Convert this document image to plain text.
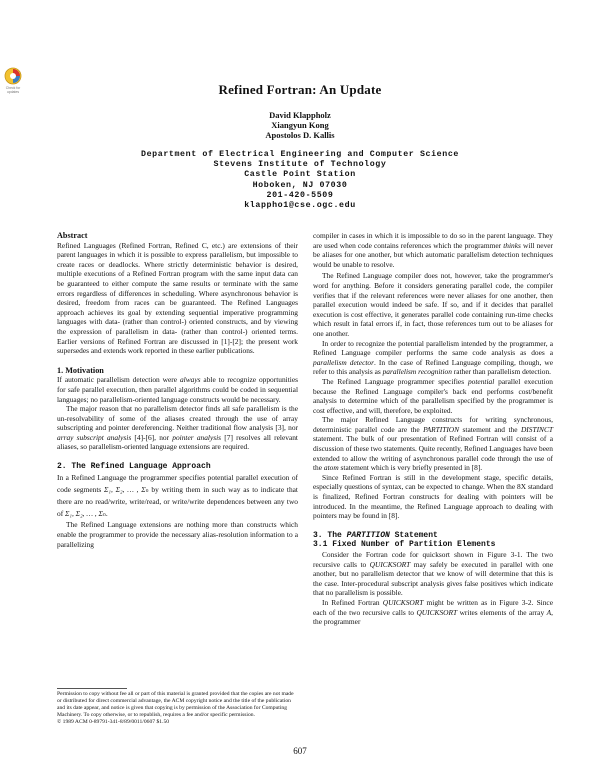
Check for updates	Refined Fortran: An Update
David Klappholz
Xiangyun Kong
Apostolos D. Kallis
Department of Electrical Engineering and Computer Science
Stevens Institute of Technology
Castle Point Station
Hoboken, NJ 07030
201-420-5509
klappho1@cse.ogc.edu
Abstract

Refined Languages (Refined Fortran, Refined C, etc.) are extensions of their parent languages in which it is possible to express parallelism, but impossible to create races or deadlocks. Where strictly deterministic behavior is desired, multiple executions of a Refined Fortran program with the same input data can be guaranteed to either compute the same results or terminate with the same errors regardless of differences in scheduling. Where asynchronous behavior is desired, freedom from races can be guaranteed. The Refined Languages approach achieves its goal by extending sequential imperative programming languages with data- (rather than control-) oriented constructs, and by viewing the expression of parallelism in data- (rather than control-) oriented terms. Earlier versions of Refined Fortran are discussed in [1]-[2]; the present work supersedes and extends work reported in these earlier publications.

1. Motivation

If automatic parallelism detection were always able to recognize opportunities for safe parallel execution, then parallel algorithms could be coded in sequential languages; no parallelism-oriented language constructs would be necessary.

The major reason that no parallelism detector finds all safe parallelism is the un-resolvability of some of the aliases created through the use of array subscripting and pointer dereferencing. Neither traditional flow analysis [3], nor array subscript analysis [4]-[6], nor pointer analysis [7] resolves all relevant aliases, so parallelism-oriented language extensions are required.

2. The Refined Language Approach

In a Refined Language the programmer specifies potential parallel execution of code segments Σ₁, Σ₂, … , Σₙ by writing them in such way as to indicate that there are no read/write, write/read, or write/write dependences between any two of Σ₁, Σ₂, … , Σₙ.

The Refined Language extensions are nothing more than constructs which enable the programmer to provide the necessary alias-resolution information to a parallelizing

Permission to copy without fee all or part of this material is granted provided that the copies are not made or distributed for direct commercial advantage, the ACM copyright notice and the title of the publication and its date appear, and notice is given that copying is by permission of the Association for Computing Machinery. To copy otherwise, or to republish, requires a fee and/or specific permission.
© 1989 ACM 0-89791-341-8/89/0011/0607 $1.50

compiler in cases in which it is impossible to do so in the parent language. They are used when code contains references which the programmer thinks will never be aliases for one another, but which automatic parallelism detection techniques would be unable to resolve.

The Refined Language compiler does not, however, take the programmer's word for anything. Before it considers generating parallel code, the compiler verifies that if the relevant references were never aliases for one another, then parallel execution would indeed be safe. If so, and if it decides that parallel execution is cost effective, it generates parallel code containing run-time checks which result in fatal errors if, in fact, those references turn out to be aliases for one another.

In order to recognize the potential parallelism intended by the programmer, a Refined Language compiler performs the same code analysis as does a parallelism detector. In the case of Refined Language compiling, though, we refer to this analysis as parallelism recognition rather than parallelism detection.

The Refined Language programmer specifies potential parallel execution because the Refined Language compiler's back end performs cost/benefit analysis to determine which of the parallelism specified by the programmer is cost effective, and will, therefore, be exploited.

The major Refined Language constructs for writing synchronous, deterministic parallel code are the PARTITION statement and the DISTINCT statement. The bulk of our presentation of Refined Fortran will consist of a discussion of these two statements. Quite recently, Refined Languages have been extended to allow the writing of asynchronous parallel code through the use of the atom statement which is very briefly presented in [8].

Since Refined Fortran is still in the development stage, specific details, especially questions of syntax, can be expected to change. When the 8X standard is finalized, Refined Fortran constructs for dealing with pointers will be introduced. In the meantime, the Refined Language approach to dealing with pointers may be found in [8].

3. The PARTITION Statement
3.1 Fixed Number of Partition Elements

Consider the Fortran code for quicksort shown in Figure 3-1. The two recursive calls to QUICKSORT may safely be executed in parallel with one another, but no parallelism detector that we know of will determine that this is the case. Inter-procedural subscript analysis gives false positives which indicate that no parallelism is possible.

In Refined Fortran QUICKSORT might be written as in Figure 3-2. Since each of the two recursive calls to QUICKSORT writes elements of the array A, the programmer

607
